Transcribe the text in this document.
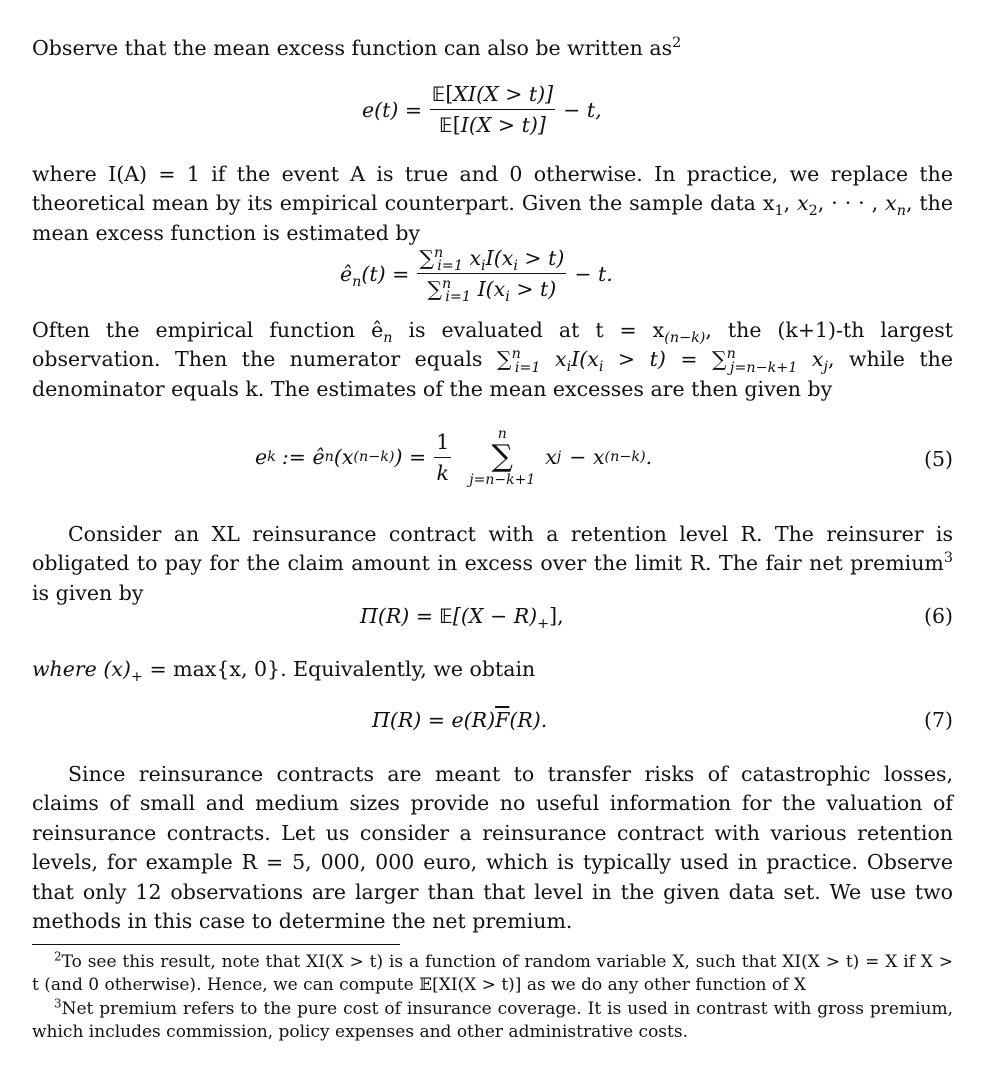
Observe that the mean excess function can also be written $as^2$

$e(t) = \frac{\text{𝔼[XI(X > t)]}}{\text{𝔼[I(X > t)]}} - t$,

where I(A) = 1 if the event A is true and 0 otherwise. In practice, we replace the theoretical mean by its empirical counterpart. Given the sample data $x_1$, $x_2$, · · · , $x_n$, the mean excess function is estimated by

$ê_n(t) = \frac{\sum^n_{i=1} x_iI(x_i > t)}{\sum^n_{i=1} I(x_i > t)} - t$.

Often the empirical function $ê_n$ is evaluated at $t = x_{(n-k)}$, the (k+1)-th largest observation. Then the numerator equals ∑$^n_{i=1}$ $x_iI(x_i > t) = \sum^n_{j=n-k+1}$ $x_j$, while the denominator equals k. The estimates of the mean excesses are then given by

e k := ê n (x (n−k) ) = $\frac{1}{k}$	n
∑
j=n−k+1
x j − x (n−k) .	(5)

Consider an XL reinsurance contract with a retention level R. The reinsurer is obligated to pay for the claim amount in excess over the limit R. The fair net premium$^3$ is given by

Π(R) = 𝔼[(X − $R)_+$],	(6)

where $(x)_+ = \max\{x$, 0}. Equivalently, we obtain

Π(R) = e(R) $\overline{F}$ (R).	(7)

Since reinsurance contracts are meant to transfer risks of catastrophic losses, claims of small and medium sizes provide no useful information for the valuation of reinsurance contracts. Let us consider a reinsurance contract with various retention levels, for example R = 5, 000, 000 euro, which is typically used in practice. Observe that only 12 observations are larger than that level in the given data set. We use two methods in this case to determine the net premium.

$^2$To see this result, note that XI(X > t) is a function of random variable X, such that XI(X > t) = X if X > t (and 0 otherwise). Hence, we can compute 𝔼[XI(X > t)] as we do any other function of X

$^3$Net premium refers to the pure cost of insurance coverage. It is used in contrast with gross premium, which includes commission, policy expenses and other administrative costs.
